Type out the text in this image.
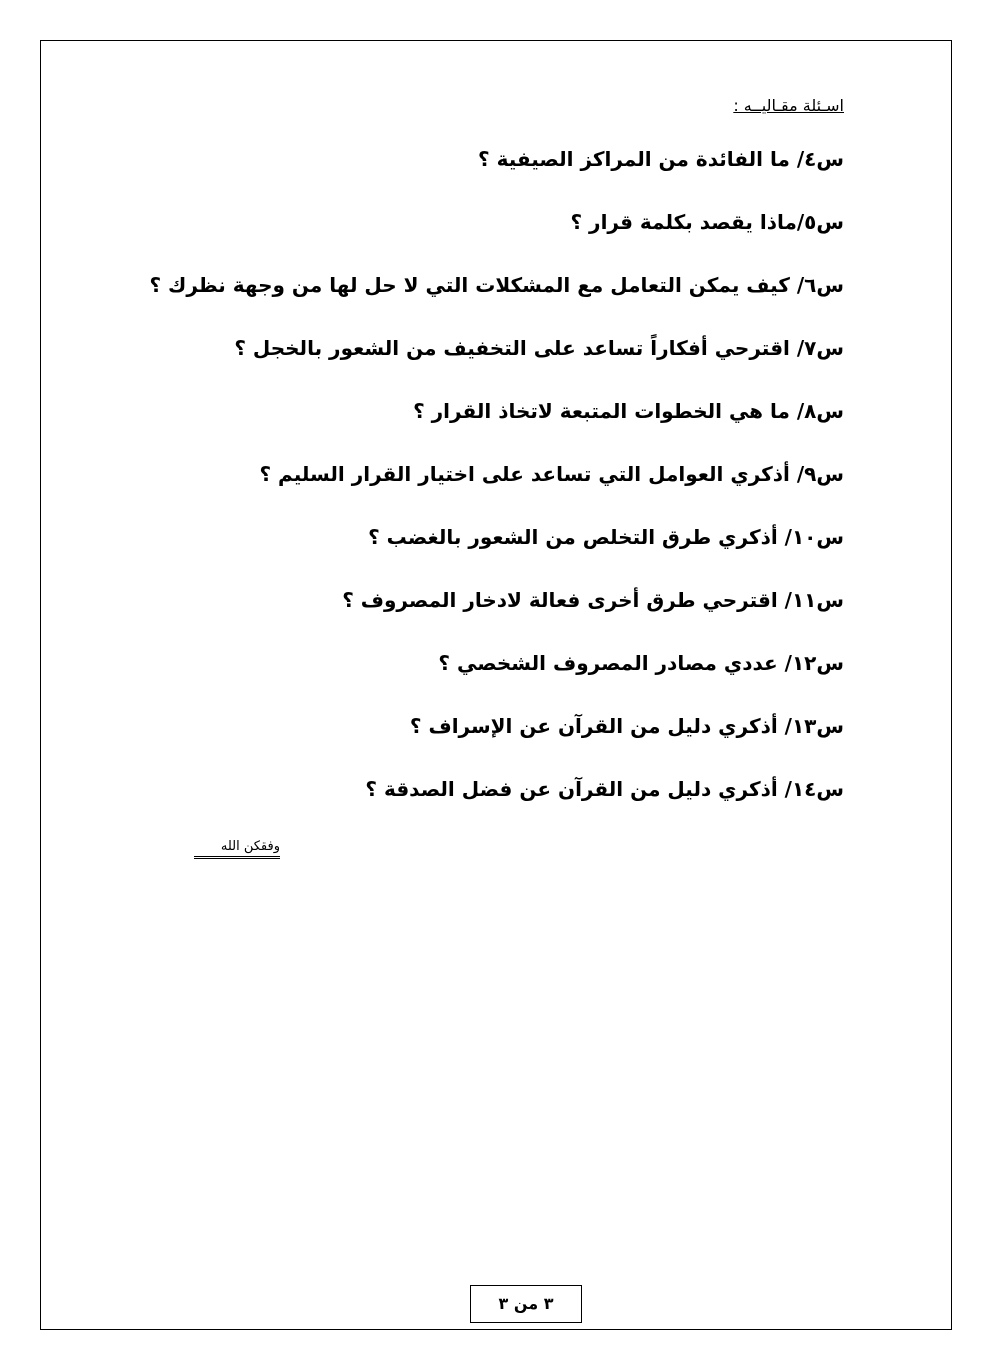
اسـئلة مقـاليــه :
س٤/ ما الفائدة من المراكز الصيفية ؟
س٥/ماذا يقصد بكلمة قرار ؟
س٦/ كيف يمكن التعامل مع المشكلات التي لا حل لها من وجهة نظرك ؟
س٧/ اقترحي أفكاراً تساعد على التخفيف من الشعور بالخجل ؟
س٨/ ما هي الخطوات المتبعة لاتخاذ القرار ؟
س٩/ أذكري العوامل التي تساعد على اختيار القرار السليم ؟
س١٠/ أذكري طرق التخلص من الشعور بالغضب ؟
س١١/ اقترحي طرق أخرى فعالة لادخار المصروف ؟
س١٢/ عددي مصادر المصروف الشخصي ؟
س١٣/ أذكري دليل من القرآن عن الإسراف ؟
س١٤/ أذكري دليل من القرآن عن فضل الصدقة ؟
وفقكن الله
٣ من ٣
